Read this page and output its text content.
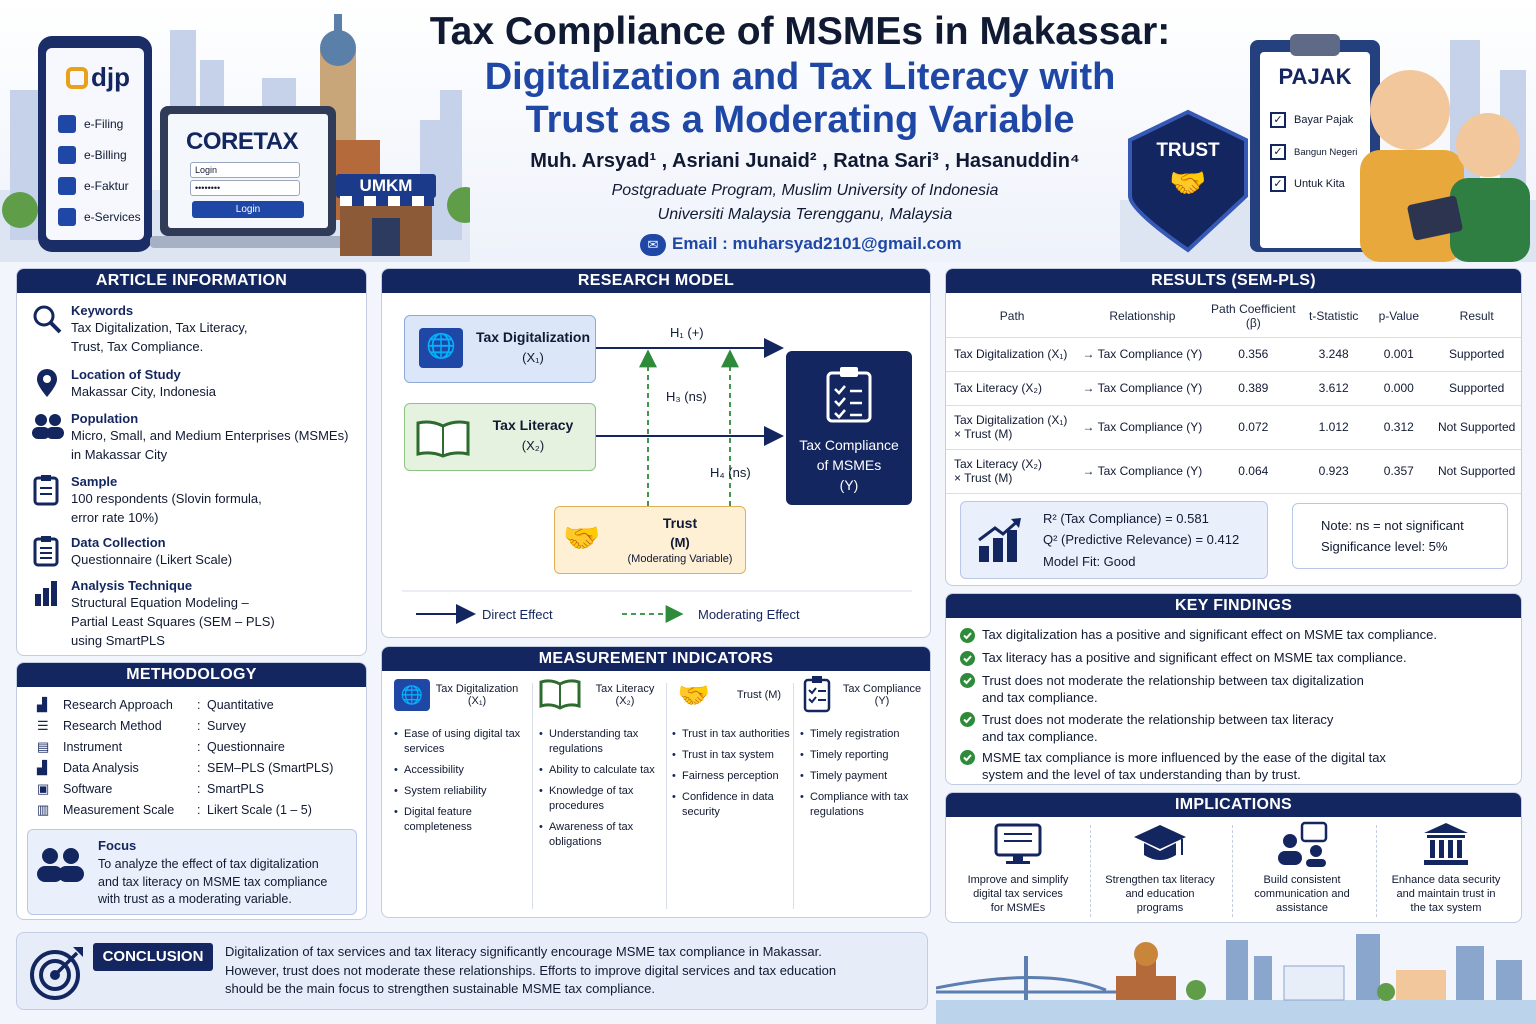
djp
e-Filing
e-Billing
e-Faktur
e-Services
CORETAX
Login
••••••••
Login
UMKM
Tax Compliance of MSMEs in Makassar:
Digitalization and Tax Literacy with
Trust as a Moderating Variable
Muh. Arsyad¹ , Asriani Junaid² , Ratna Sari³ , Hasanuddin⁴
Postgraduate Program, Muslim University of Indonesia
Universiti Malaysia Terengganu, Malaysia
✉ Email : muharsyad2101@gmail.com
TRUST
🤝
PAJAK
✓	Bayar Pajak
✓	Bangun Negeri
✓	Untuk Kita
ARTICLE INFORMATION
Keywords
Tax Digitalization, Tax Literacy,
Trust, Tax Compliance.
Location of Study
Makassar City, Indonesia
Population
Micro, Small, and Medium Enterprises (MSMEs)
in Makassar City
Sample
100 respondents (Slovin formula,
error rate 10%)
Data Collection
Questionnaire (Likert Scale)
Analysis Technique
Structural Equation Modeling –
Partial Least Squares (SEM – PLS)
using SmartPLS
METHODOLOGY
▟	Research Approach	: Quantitative
☰	Research Method	: Survey
▤	Instrument	: Questionnaire
▟	Data Analysis	: SEM–PLS (SmartPLS)
▣	Software	: SmartPLS
▥	Measurement Scale	: Likert Scale (1 – 5)
Focus
To analyze the effect of tax digitalization
and tax literacy on MSME tax compliance
with trust as a moderating variable.
RESEARCH MODEL
🌐	Tax Digitalization
(X₁)
Tax Literacy
(X₂)
🤝	Trust
(M)
(Moderating Variable)
Tax Compliance
of MSMEs
(Y)
H₁ (+)
H₃ (ns)
H₄ (ns)
Direct Effect	Moderating Effect
MEASUREMENT INDICATORS
🌐	Tax Digitalization
(X₁)
• Ease of using digital tax services
• Accessibility
• System reliability
• Digital feature completeness
Tax Literacy
(X₂)
• Understanding tax regulations
• Ability to calculate tax
• Knowledge of tax procedures
• Awareness of tax obligations
🤝	Trust (M)
• Trust in tax authorities
• Trust in tax system
• Fairness perception
• Confidence in data security
Tax Compliance
(Y)
• Timely registration
• Timely reporting
• Timely payment
• Compliance with tax regulations
RESULTS (SEM-PLS)
Path	Relationship	Path Coefficient
(β)	t-Statistic	p-Value	Result
Tax Digitalization (X₁)	→ Tax Compliance (Y)	0.356	3.248	0.001	Supported
Tax Literacy (X₂)	→ Tax Compliance (Y)	0.389	3.612	0.000	Supported
Tax Digitalization (X₁)
× Trust (M)	→ Tax Compliance (Y)	0.072	1.012	0.312	Not Supported
Tax Literacy (X₂)
× Trust (M)	→ Tax Compliance (Y)	0.064	0.923	0.357	Not Supported
R² (Tax Compliance) = 0.581
Q² (Predictive Relevance) = 0.412
Model Fit: Good
Note: ns = not significant
Significance level: 5%
KEY FINDINGS
Tax digitalization has a positive and significant effect on MSME tax compliance.
Tax literacy has a positive and significant effect on MSME tax compliance.
Trust does not moderate the relationship between tax digitalization
and tax compliance.
Trust does not moderate the relationship between tax literacy
and tax compliance.
MSME tax compliance is more influenced by the ease of the digital tax
system and the level of tax understanding than by trust.
IMPLICATIONS
Improve and simplify
digital tax services
for MSMEs
Strengthen tax literacy
and education
programs
Build consistent
communication and
assistance
Enhance data security
and maintain trust in
the tax system
CONCLUSION	Digitalization of tax services and tax literacy significantly encourage MSME tax compliance in Makassar.
However, trust does not moderate these relationships. Efforts to improve digital services and tax education
should be the main focus to strengthen sustainable MSME tax compliance.
